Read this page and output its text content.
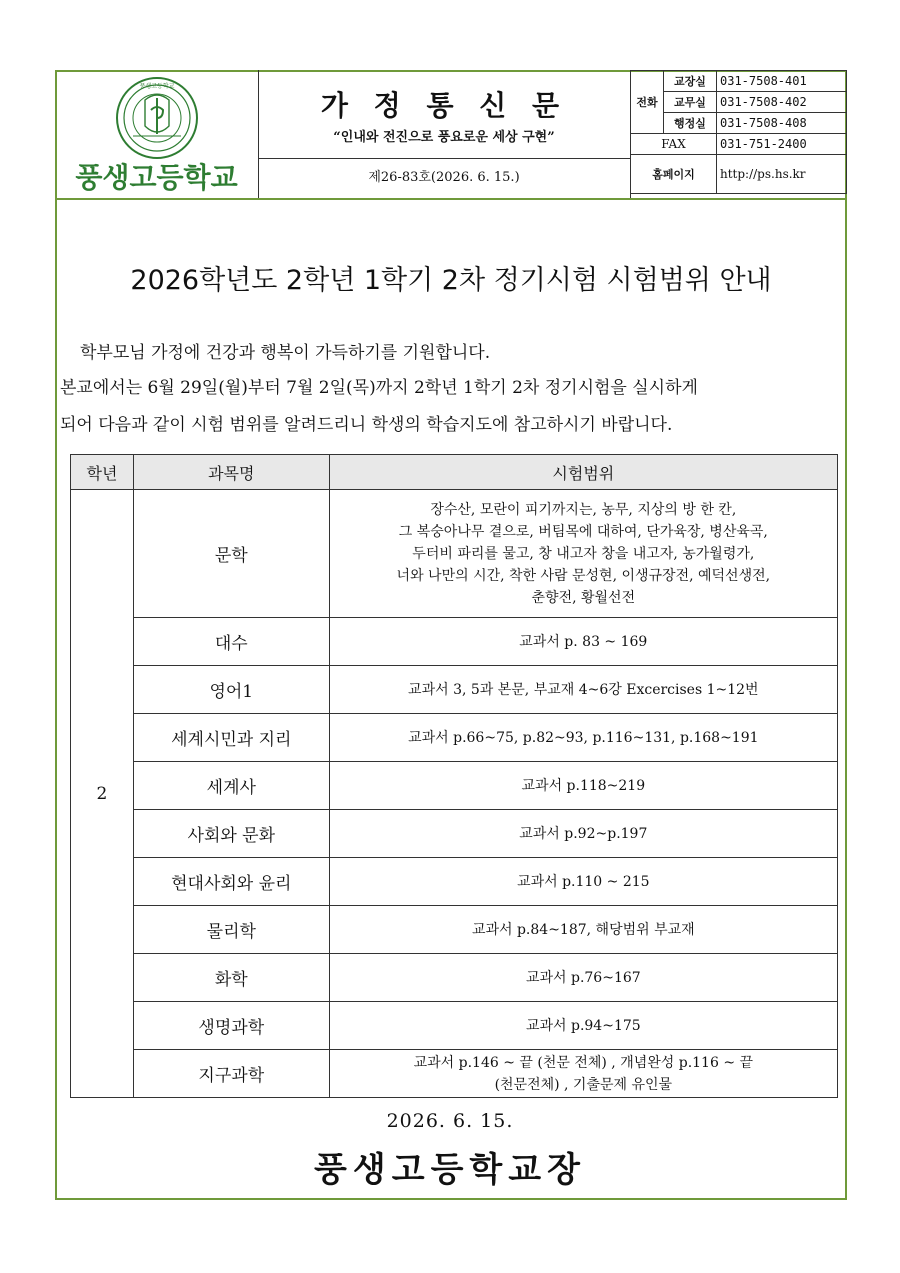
풍생고등학교
풍생고등학교
가 정 통 신 문
“인내와 전진으로 풍요로운 세상 구현”
제26-83호(2026. 6. 15.)
전화	교장실	031-7508-401
	교무실	031-7508-402
	행정실	031-7508-408
FAX		031-751-2400
홈페이지		http://ps.hs.kr
2026학년도 2학년 1학기 2차 정기시험 시험범위 안내
학부모님 가정에 건강과 행복이 가득하기를 기원합니다.
본교에서는 6월 29일(월)부터 7월 2일(목)까지 2학년 1학기 2차 정기시험을 실시하게
되어 다음과 같이 시험 범위를 알려드리니 학생의 학습지도에 참고하시기 바랍니다.
학년	과목명	시험범위
2	문학	장수산, 모란이 피기까지는, 농무, 지상의 방 한 칸,
그 복숭아나무 곁으로, 버팀목에 대하여, 단가육장, 병산육곡,
두터비 파리를 물고, 창 내고자 창을 내고자, 농가월령가,
너와 나만의 시간, 착한 사람 문성현, 이생규장전, 예덕선생전,
춘향전, 황월선전

	대수	교과서 p. 83 ~ 169

	영어1	교과서 3, 5과 본문, 부교재 4~6강 Excercises 1~12번

	세계시민과 지리	교과서 p.66~75, p.82~93, p.116~131, p.168~191

	세계사	교과서 p.118~219

	사회와 문화	교과서 p.92~p.197

	현대사회와 윤리	교과서 p.110 ~ 215

	물리학	교과서 p.84~187, 해당범위 부교재

	화학	교과서 p.76~167

	생명과학	교과서 p.94~175

	지구과학	교과서 p.146 ~ 끝 (천문 전체) , 개념완성 p.116 ~ 끝
(천문전체) , 기출문제 유인물
2026. 6. 15.
풍생고등학교장
